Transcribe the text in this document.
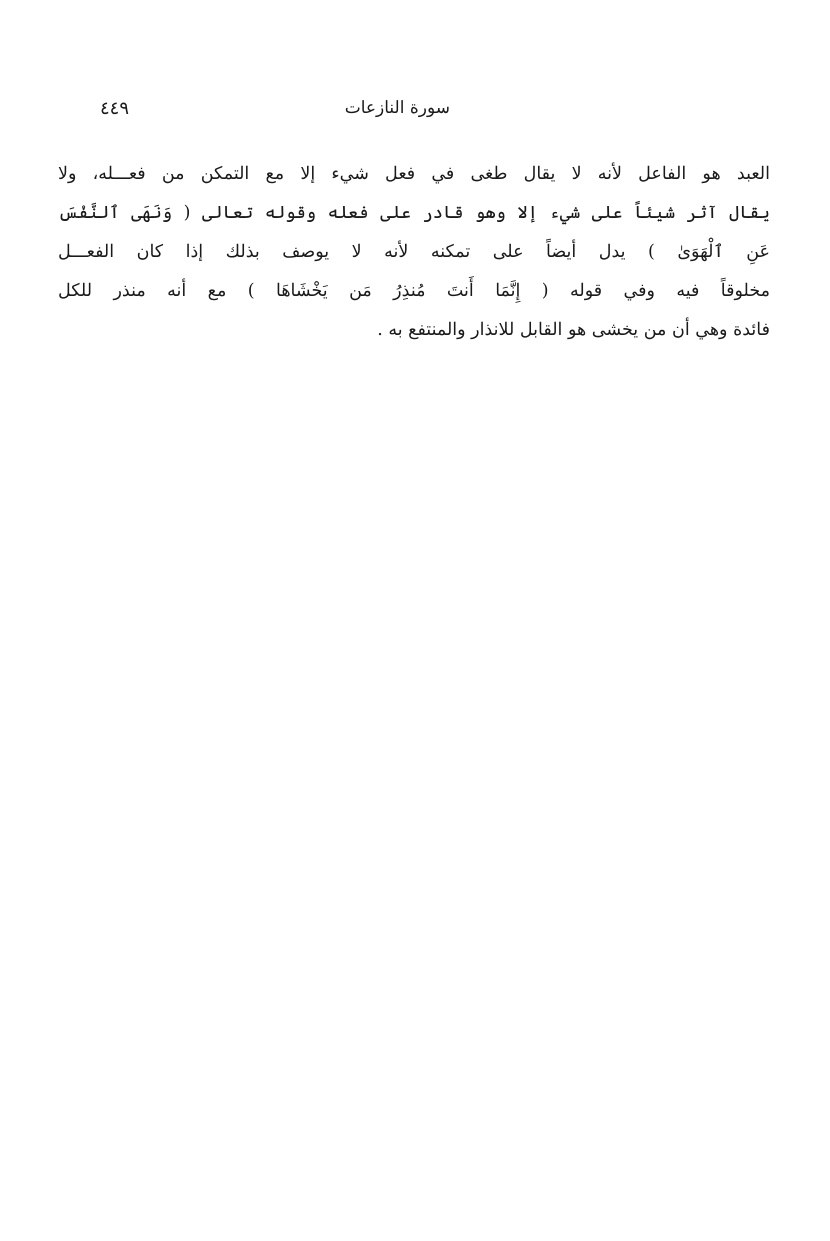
سورة النازعات
٤٤٩
العبد هو الفاعل لأنه لا يقال طغى في فعل شيء إلا مع التمكن من فعـــله، ولا
يقال آثر شيئاً على شيء إلا وهو قادر على فعله وقوله تعالى ( وَنَهَى ٱلنَّفْسَ
عَنِ ٱلْهَوَىٰ ) يدل أيضاً على تمكنه لأنه لا يوصف بذلك إذا كان الفعـــل
مخلوقاً فيه وفي قوله ( إِنَّمَا أَنتَ مُنذِرُ مَن يَخْشَاهَا ) مع أنه منذر للكل
فائدة وهي أن من يخشى هو القابل للانذار والمنتفع به .
